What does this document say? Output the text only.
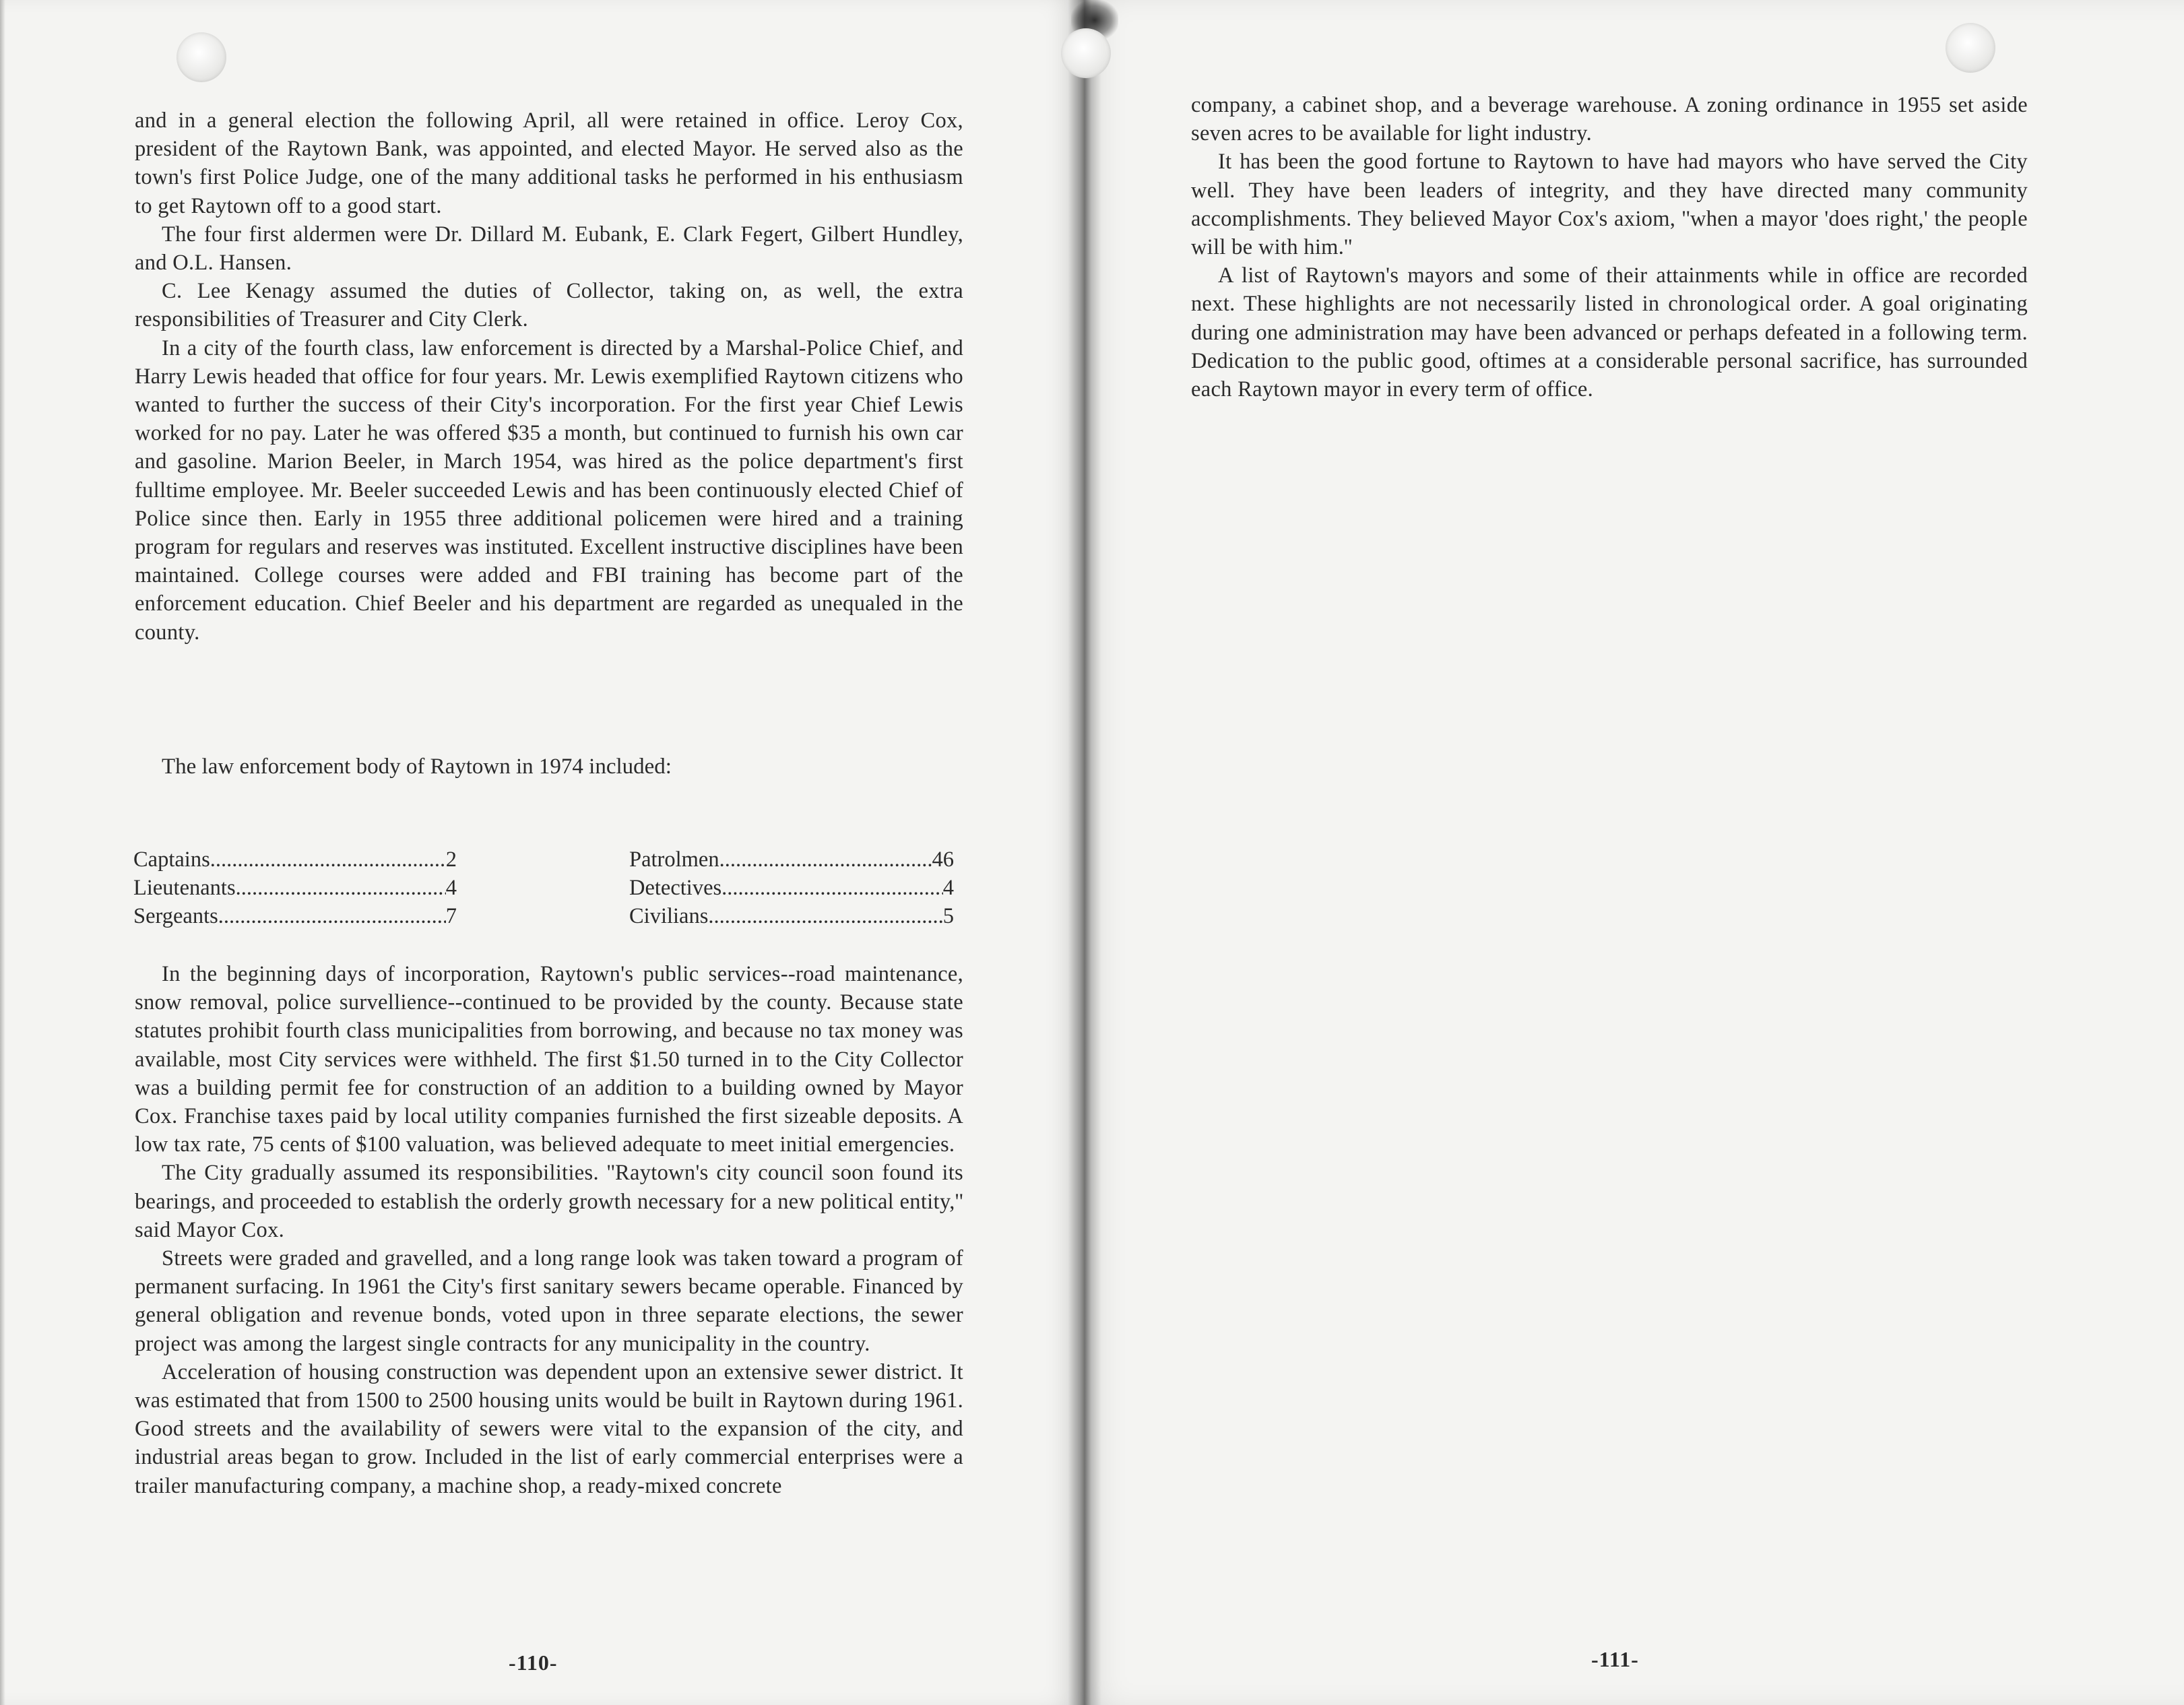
and in a general election the following April, all were retained in office. Leroy Cox, president of the Raytown Bank, was appointed, and elected Mayor. He served also as the town's first Police Judge, one of the many additional tasks he performed in his enthusiasm to get Raytown off to a good start.

The four first aldermen were Dr. Dillard M. Eubank, E. Clark Fegert, Gilbert Hundley, and O.L. Hansen.

C. Lee Kenagy assumed the duties of Collector, taking on, as well, the extra responsibilities of Treasurer and City Clerk.

In a city of the fourth class, law enforcement is directed by a Marshal-Police Chief, and Harry Lewis headed that office for four years. Mr. Lewis exemplified Raytown citizens who wanted to further the success of their City's incorporation. For the first year Chief Lewis worked for no pay. Later he was offered $35 a month, but continued to furnish his own car and gasoline. Marion Beeler, in March 1954, was hired as the police department's first fulltime employee. Mr. Beeler succeeded Lewis and has been continuously elected Chief of Police since then. Early in 1955 three additional policemen were hired and a training program for regulars and reserves was instituted. Excellent instructive disciplines have been maintained. College courses were added and FBI training has become part of the enforcement education. Chief Beeler and his department are regarded as unequaled in the county.

The law enforcement body of Raytown in 1974 included:
Captains .....	2
Lieutenants .....	4
Sergeants .....	7
Patrolmen .....	46
Detectives .....	4
Civilians .....	5

In the beginning days of incorporation, Raytown's public services--road maintenance, snow removal, police survellience--continued to be provided by the county. Because state statutes prohibit fourth class municipalities from borrowing, and because no tax money was available, most City services were withheld. The first $1.50 turned in to the City Collector was a building permit fee for construction of an addition to a building owned by Mayor Cox. Franchise taxes paid by local utility companies furnished the first sizeable deposits. A low tax rate, 75 cents of $100 valuation, was believed adequate to meet initial emergencies.

The City gradually assumed its responsibilities. ''Raytown's city council soon found its bearings, and proceeded to establish the orderly growth necessary for a new political entity,'' said Mayor Cox.

Streets were graded and gravelled, and a long range look was taken toward a program of permanent surfacing. In 1961 the City's first sanitary sewers became operable. Financed by general obligation and revenue bonds, voted upon in three separate elections, the sewer project was among the largest single contracts for any municipality in the country.

Acceleration of housing construction was dependent upon an extensive sewer district. It was estimated that from 1500 to 2500 housing units would be built in Raytown during 1961. Good streets and the availability of sewers were vital to the expansion of the city, and industrial areas began to grow. Included in the list of early commercial enterprises were a trailer manufacturing company, a machine shop, a ready-mixed concrete

-110-

company, a cabinet shop, and a beverage warehouse. A zoning ordinance in 1955 set aside seven acres to be available for light industry.

It has been the good fortune to Raytown to have had mayors who have served the City well. They have been leaders of integrity, and they have directed many community accomplishments. They believed Mayor Cox's axiom, ''when a mayor 'does right,' the people will be with him.''

A list of Raytown's mayors and some of their attainments while in office are recorded next. These highlights are not necessarily listed in chronological order. A goal originating during one administration may have been advanced or perhaps defeated in a following term. Dedication to the public good, oftimes at a considerable personal sacrifice, has surrounded each Raytown mayor in every term of office.

-111-
